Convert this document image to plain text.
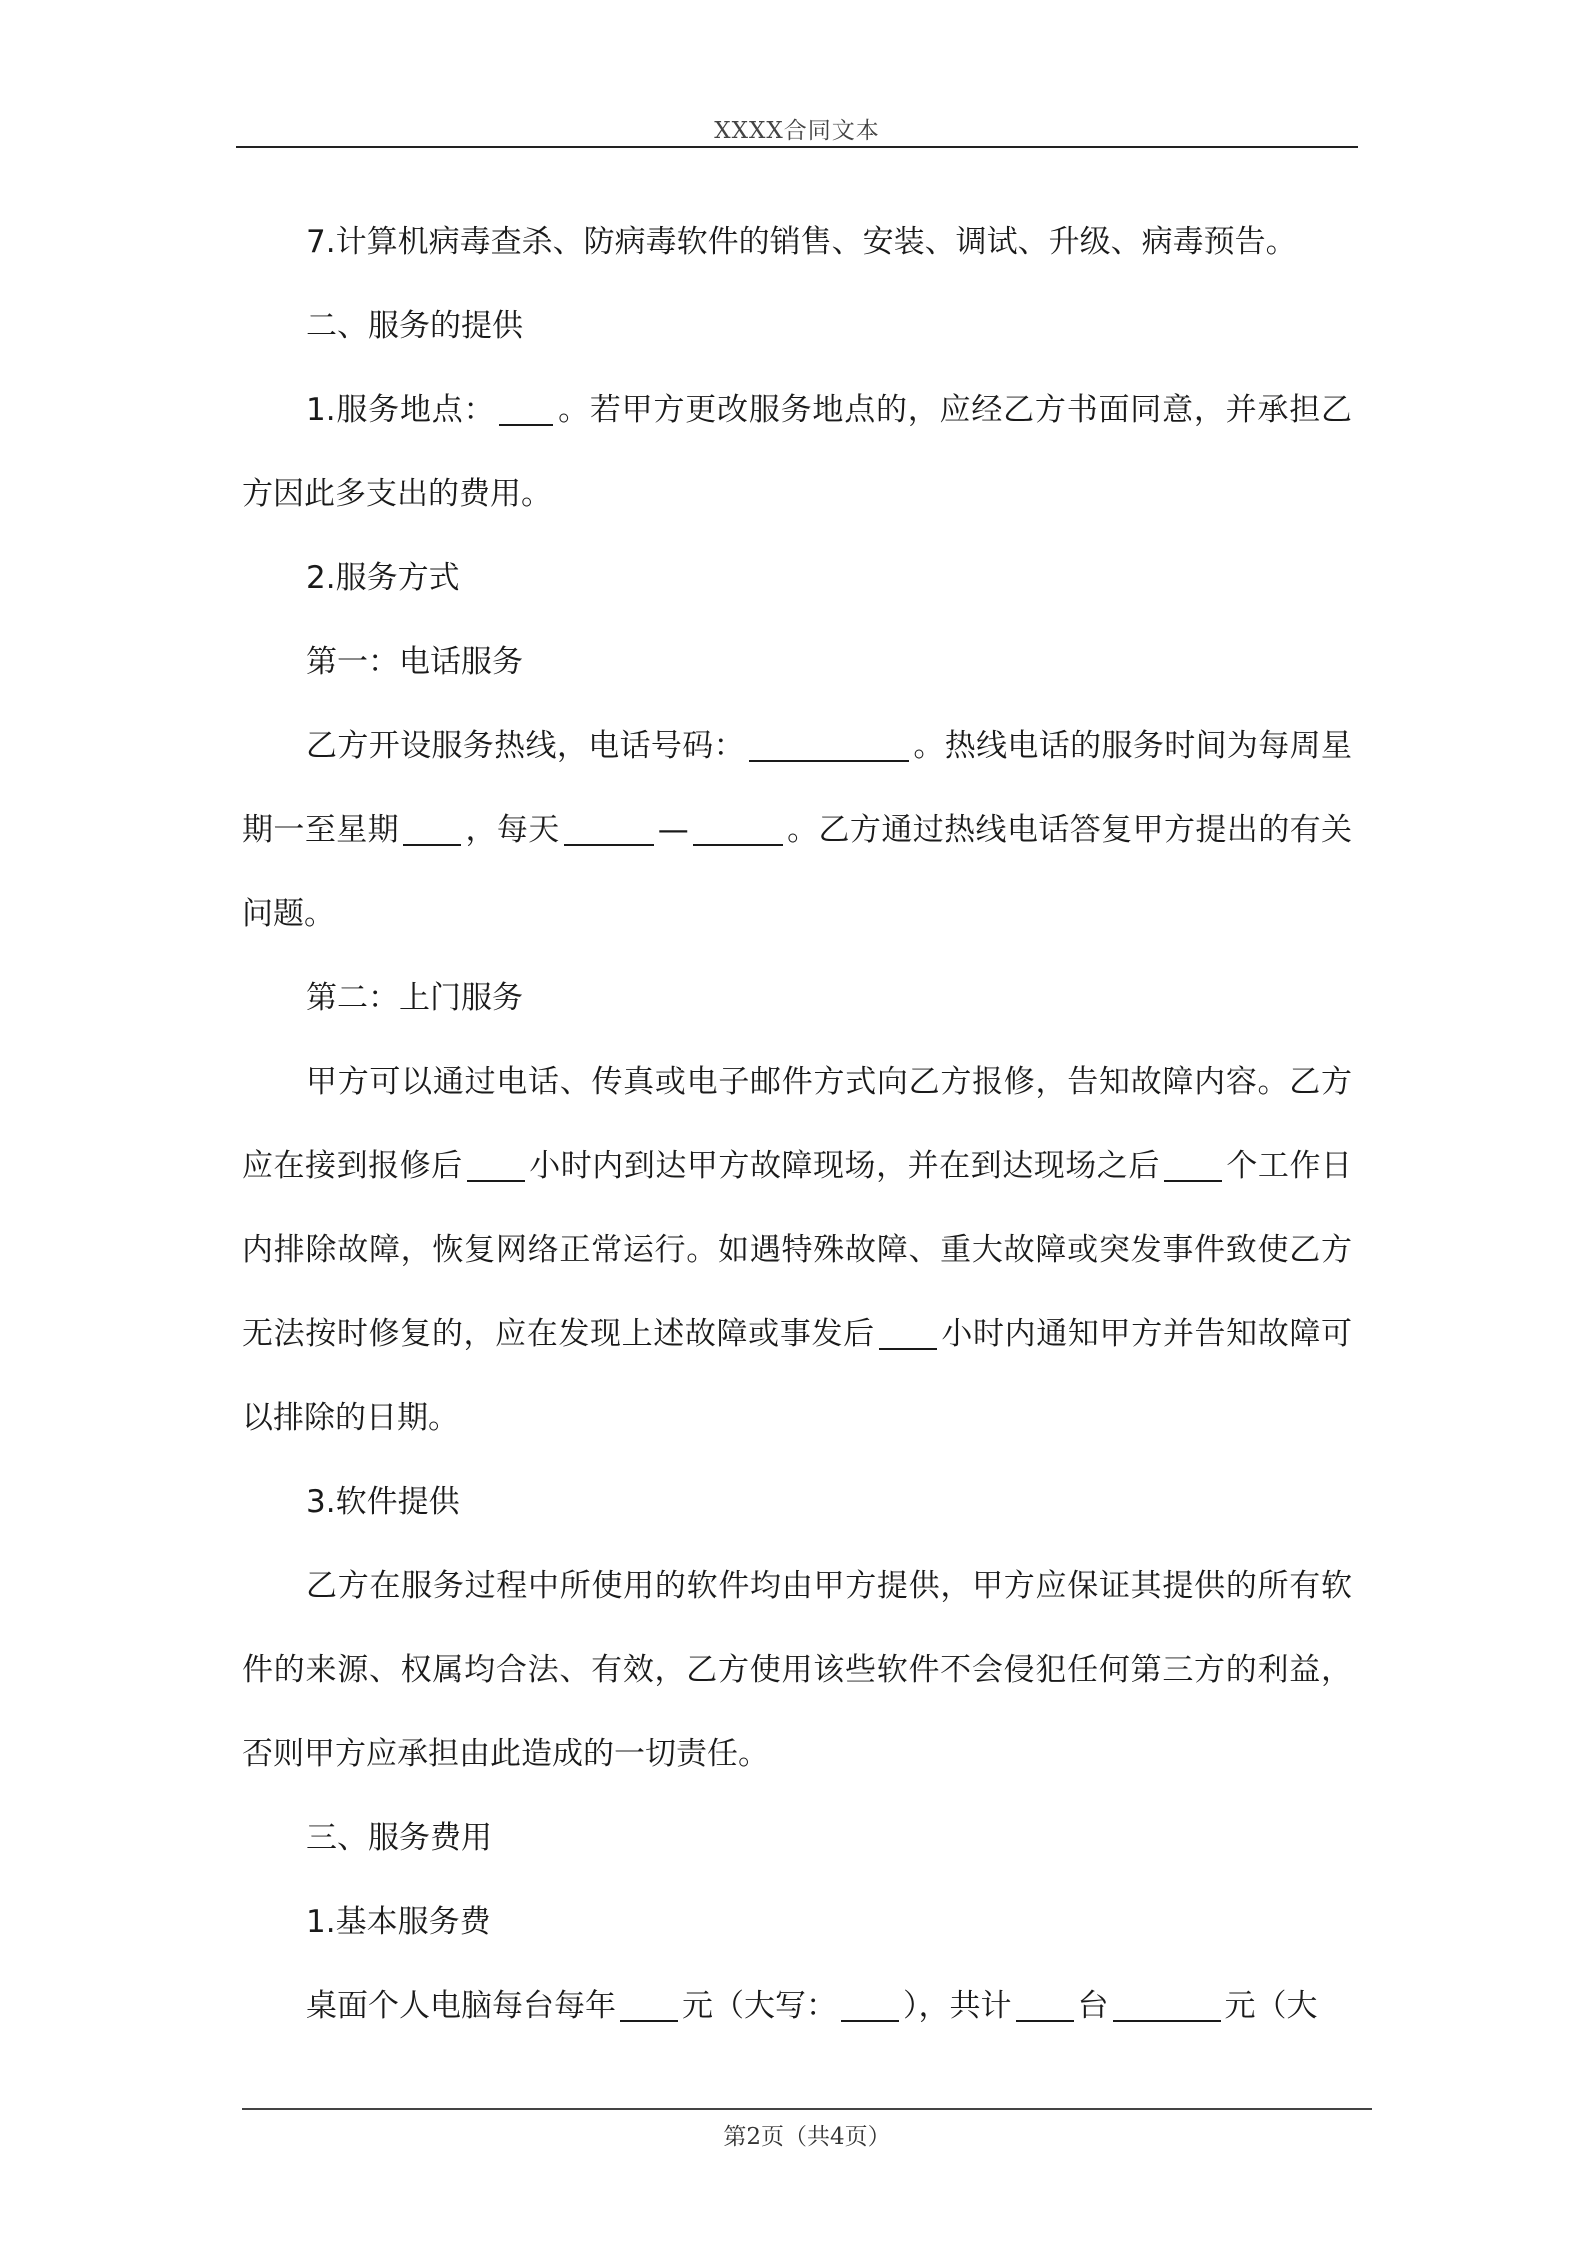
XXXX合同文本

7.计算机病毒查杀、防病毒软件的销售、安装、调试、升级、病毒预告。

二、服务的提供

1.服务地点： 。若甲方更改服务地点的，应经乙方书面同意，并承担乙方因此多支出的费用。

2.服务方式

第一：电话服务

乙方开设服务热线，电话号码：	。热线电话的服务时间为每周星期一至星期 ，每天	—	。乙方通过热线电话答复甲方提出的有关问题。

第二：上门服务

甲方可以通过电话、传真或电子邮件方式向乙方报修，告知故障内容。乙方应在接到报修后 小时内到达甲方故障现场，并在到达现场之后 个工作日内排除故障，恢复网络正常运行。如遇特殊故障、重大故障或突发事件致使乙方无法按时修复的，应在发现上述故障或事发后 小时内通知甲方并告知故障可以排除的日期。

3.软件提供

乙方在服务过程中所使用的软件均由甲方提供，甲方应保证其提供的所有软件的来源、权属均合法、有效，乙方使用该些软件不会侵犯任何第三方的利益，否则甲方应承担由此造成的一切责任。

三、服务费用

1.基本服务费

桌面个人电脑每台每年 元（大写： ），共计 台	元（大

第2页（共4页）
